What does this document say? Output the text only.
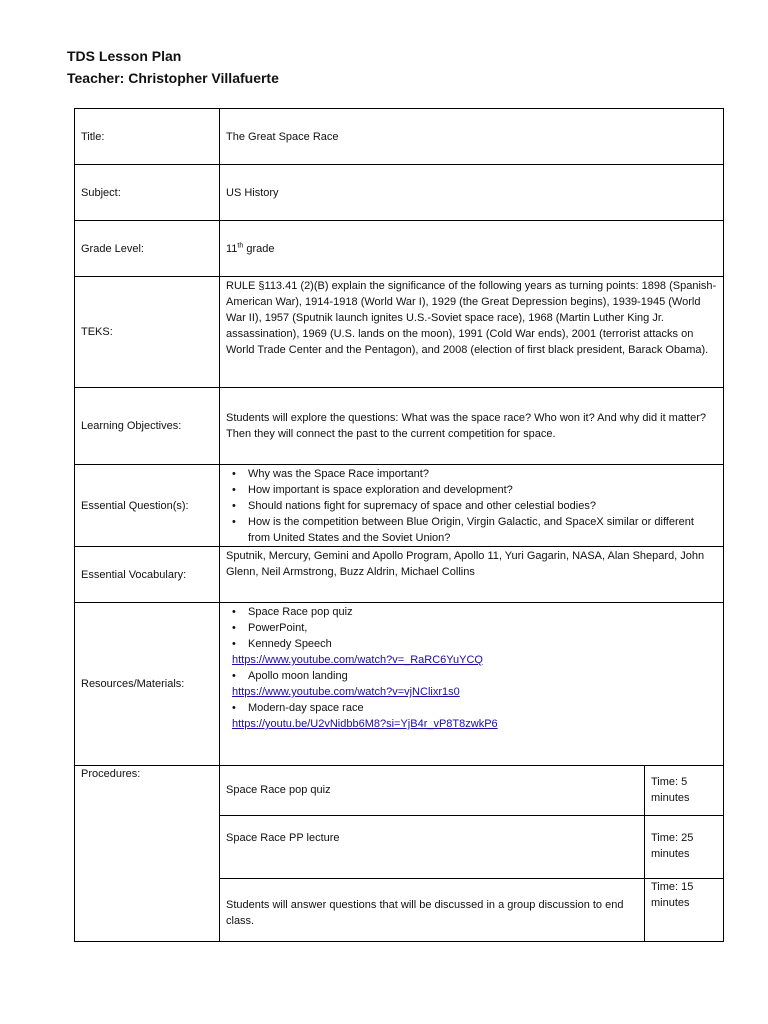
TDS Lesson Plan
Teacher: Christopher Villafuerte
Title:	The Great Space Race
Subject:	US History
Grade Level:	11th grade
TEKS:	RULE §113.41 (2)(B) explain the significance of the following years as turning points: 1898 (Spanish-American War), 1914-1918 (World War I), 1929 (the Great Depression begins), 1939-1945 (World War II), 1957 (Sputnik launch ignites U.S.-Soviet space race), 1968 (Martin Luther King Jr. assassination), 1969 (U.S. lands on the moon), 1991 (Cold War ends), 2001 (terrorist attacks on World Trade Center and the Pentagon), and 2008 (election of first black president, Barack Obama).
Learning Objectives:	Students will explore the questions: What was the space race? Who won it? And why did it matter? Then they will connect the past to the current competition for space.
Essential Question(s):	
• Why was the Space Race important?
• How important is space exploration and development?
• Should nations fight for supremacy of space and other celestial bodies?
• How is the competition between Blue Origin, Virgin Galactic, and SpaceX similar or different from United States and the Soviet Union?

Essential Vocabulary:	Sputnik, Mercury, Gemini and Apollo Program, Apollo 11, Yuri Gagarin, NASA, Alan Shepard, John Glenn, Neil Armstrong, Buzz Aldrin, Michael Collins
Resources/Materials:	
• Space Race pop quiz
• PowerPoint,
• Kennedy Speech
https://www.youtube.com/watch?v=_RaRC6YuYCQ
• Apollo moon landing
https://www.youtube.com/watch?v=vjNClixr1s0
• Modern-day space race
https://youtu.be/U2vNidbb6M8?si=YjB4r_vP8T8zwkP6

Procedures:	
Space Race pop quiz	Time: 5 minutes
Space Race PP lecture	Time: 25 minutes
Students will answer questions that will be discussed in a group discussion to end class.	Time: 15 minutes
